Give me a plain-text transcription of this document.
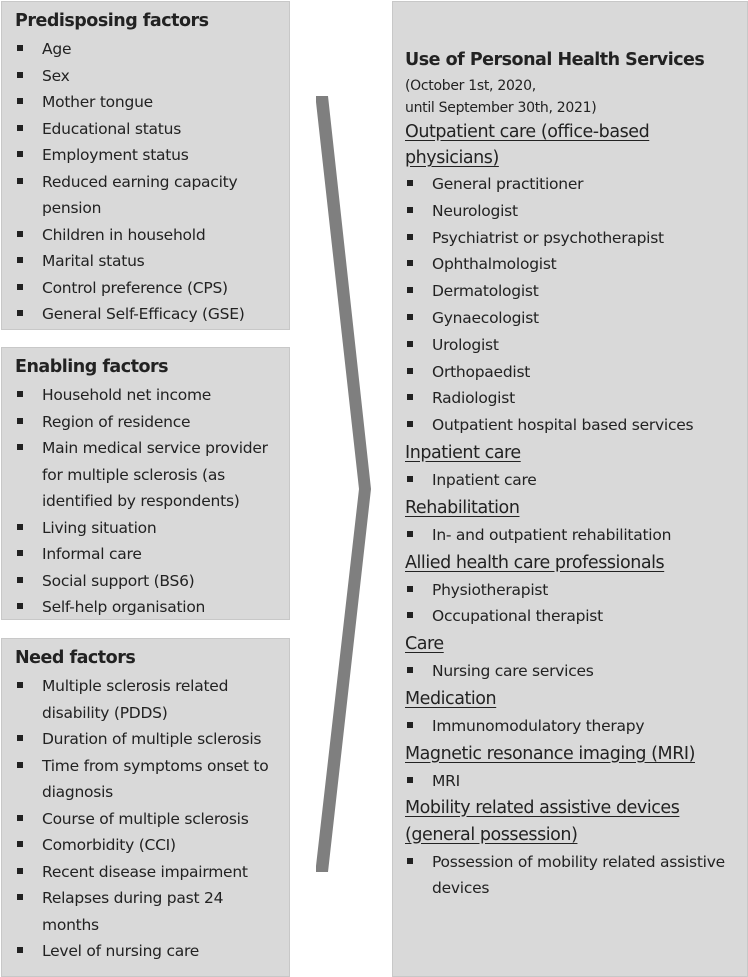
Predisposing factors
Age
Sex
Mother tongue
Educational status
Employment status
Reduced earning capacity pension
Children in household
Marital status
Control preference (CPS)
General Self-Efficacy (GSE)
Enabling factors
Household net income
Region of residence
Main medical service provider for multiple sclerosis (as identified by respondents)
Living situation
Informal care
Social support (BS6)
Self-help organisation
Need factors
Multiple sclerosis related disability (PDDS)
Duration of multiple sclerosis
Time from symptoms onset to diagnosis
Course of multiple sclerosis
Comorbidity (CCI)
Recent disease impairment
Relapses during past 24 months
Level of nursing care
Use of Personal Health Services
(October 1st, 2020,
until September 30th, 2021)
Outpatient care (office-based physicians)
General practitioner
Neurologist
Psychiatrist or psychotherapist
Ophthalmologist
Dermatologist
Gynaecologist
Urologist
Orthopaedist
Radiologist
Outpatient hospital based services
Inpatient care
Inpatient care
Rehabilitation
In- and outpatient rehabilitation
Allied health care professionals
Physiotherapist
Occupational therapist
Care
Nursing care services
Medication
Immunomodulatory therapy
Magnetic resonance imaging (MRI)
MRI
Mobility related assistive devices (general possession)
Possession of mobility related assistive devices
